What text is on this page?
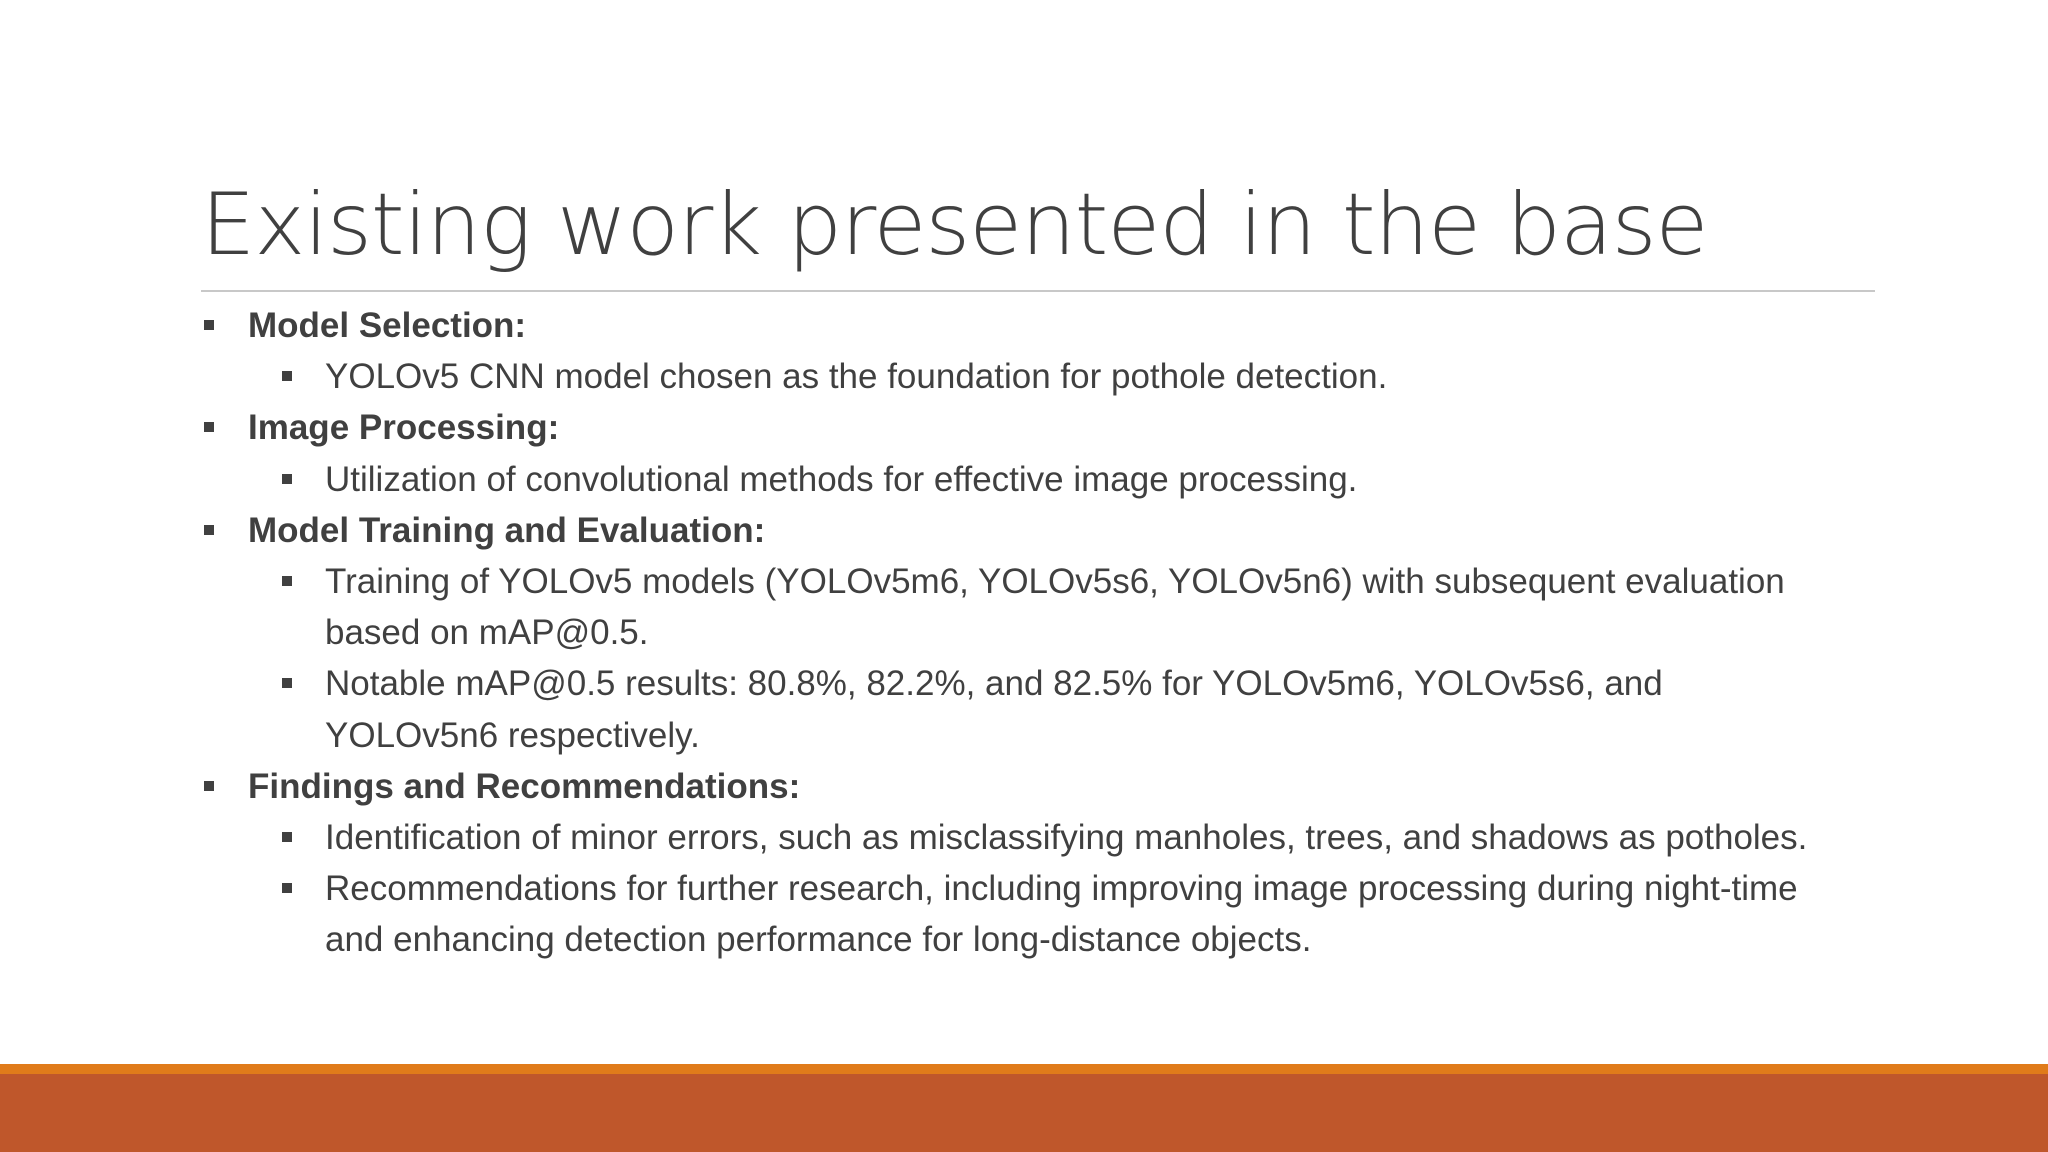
Existing work presented in the base
Model Selection:
YOLOv5 CNN model chosen as the foundation for pothole detection.
Image Processing:
Utilization of convolutional methods for effective image processing.
Model Training and Evaluation:
Training of YOLOv5 models (YOLOv5m6, YOLOv5s6, YOLOv5n6) with subsequent evaluation based on mAP@0.5.
Notable mAP@0.5 results: 80.8%, 82.2%, and 82.5% for YOLOv5m6, YOLOv5s6, and YOLOv5n6 respectively.
Findings and Recommendations:
Identification of minor errors, such as misclassifying manholes, trees, and shadows as potholes.
Recommendations for further research, including improving image processing during night-time and enhancing detection performance for long-distance objects.
